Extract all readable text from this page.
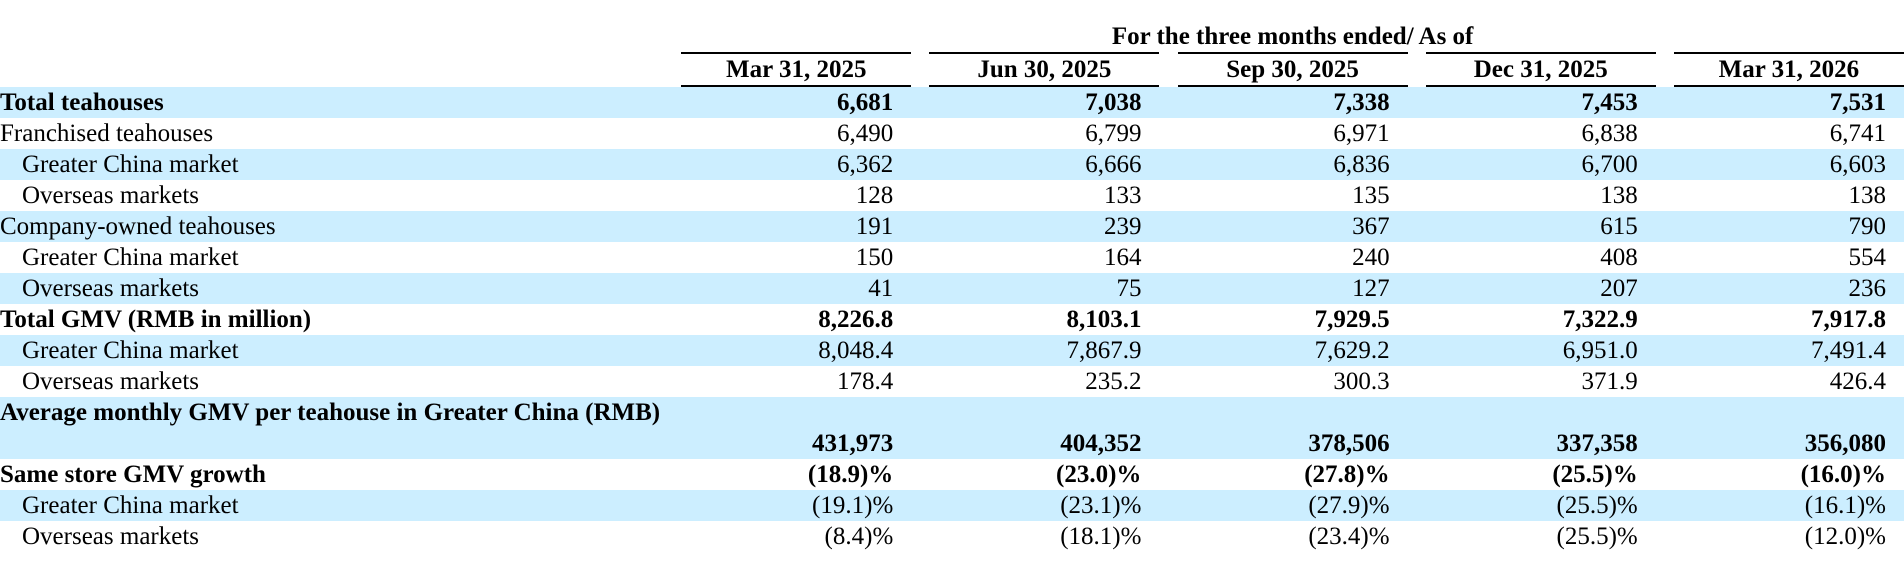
	For the three months ended/ As of								
	Mar 31, 2025		Jun 30, 2025		Sep 30, 2025		Dec 31, 2025		Mar 31, 2026
Total teahouses	6,681		7,038		7,338		7,453		7,531
Franchised teahouses	6,490		6,799		6,971		6,838		6,741
Greater China market	6,362		6,666		6,836		6,700		6,603
Overseas markets	128		133		135		138		138
Company-owned teahouses	191		239		367		615		790
Greater China market	150		164		240		408		554
Overseas markets	41		75		127		207		236
Total GMV (RMB in million)	8,226.8		8,103.1		7,929.5		7,322.9		7,917.8
Greater China market	8,048.4		7,867.9		7,629.2		6,951.0		7,491.4
Overseas markets	178.4		235.2		300.3		371.9		426.4
Average monthly GMV per teahouse in Greater China (RMB)	431,973		404,352		378,506		337,358		356,080
Same store GMV growth	(18.9)%		(23.0)%		(27.8)%		(25.5)%		(16.0)%
Greater China market	(19.1)%		(23.1)%		(27.9)%		(25.5)%		(16.1)%
Overseas markets	(8.4)%		(18.1)%		(23.4)%		(25.5)%		(12.0)%
